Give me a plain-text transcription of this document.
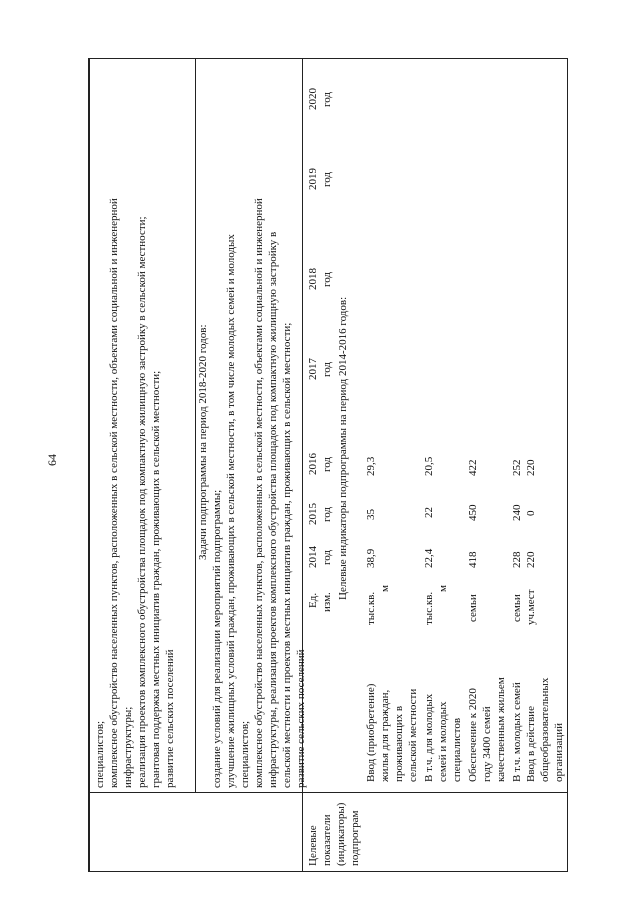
64
специалистов; комплексное обустройство населенных пунктов, расположенных в сельской местности, объектами социальной и инженерной инфраструктуры; реализация проектов комплексного обустройства площадок под компактную жилищную застройку в сельской местности; грантовая поддержка местных инициатив граждан, проживающих в сельской местности; развитие сельских поселений
Задачи подпрограммы на период 2018-2020 годов:
создание условий для реализации мероприятий подпрограммы; улучшение жилищных условий граждан, проживающих в сельской местности, в том числе молодых семей и молодых специалистов; комплексное обустройство населенных пунктов, расположенных в сельской местности, объектами социальной и инженерной инфраструктуры, реализация проектов комплексного обустройства площадок под компактную жилищную застройку в сельской местности и проектов местных инициатив граждан, проживающих в сельской местности; развитие сельских поселений
Целевые показатели (индикаторы) подпрограм
Ед. изм.
2014 год
2015 год
2016 год
2017 год
2018 год
2019 год
2020 год
Целевые индикаторы подпрограммы на период 2014-2016 годов:
Ввод (приобретение) жилья для граждан, проживающих в сельской местности
тыс.кв.
м
38,9
35
29,3
В т.ч. для молодых семей и молодых специалистов
тыс.кв.
м
22,4
22
20,5
Обеспечение к 2020 году 3400 семей качественным жильем
семьи
418
450
422
В т.ч. молодых семей
семьи
228
240
252
Ввод в действие общеобразовательных организаций
уч.мест
220
0
220
